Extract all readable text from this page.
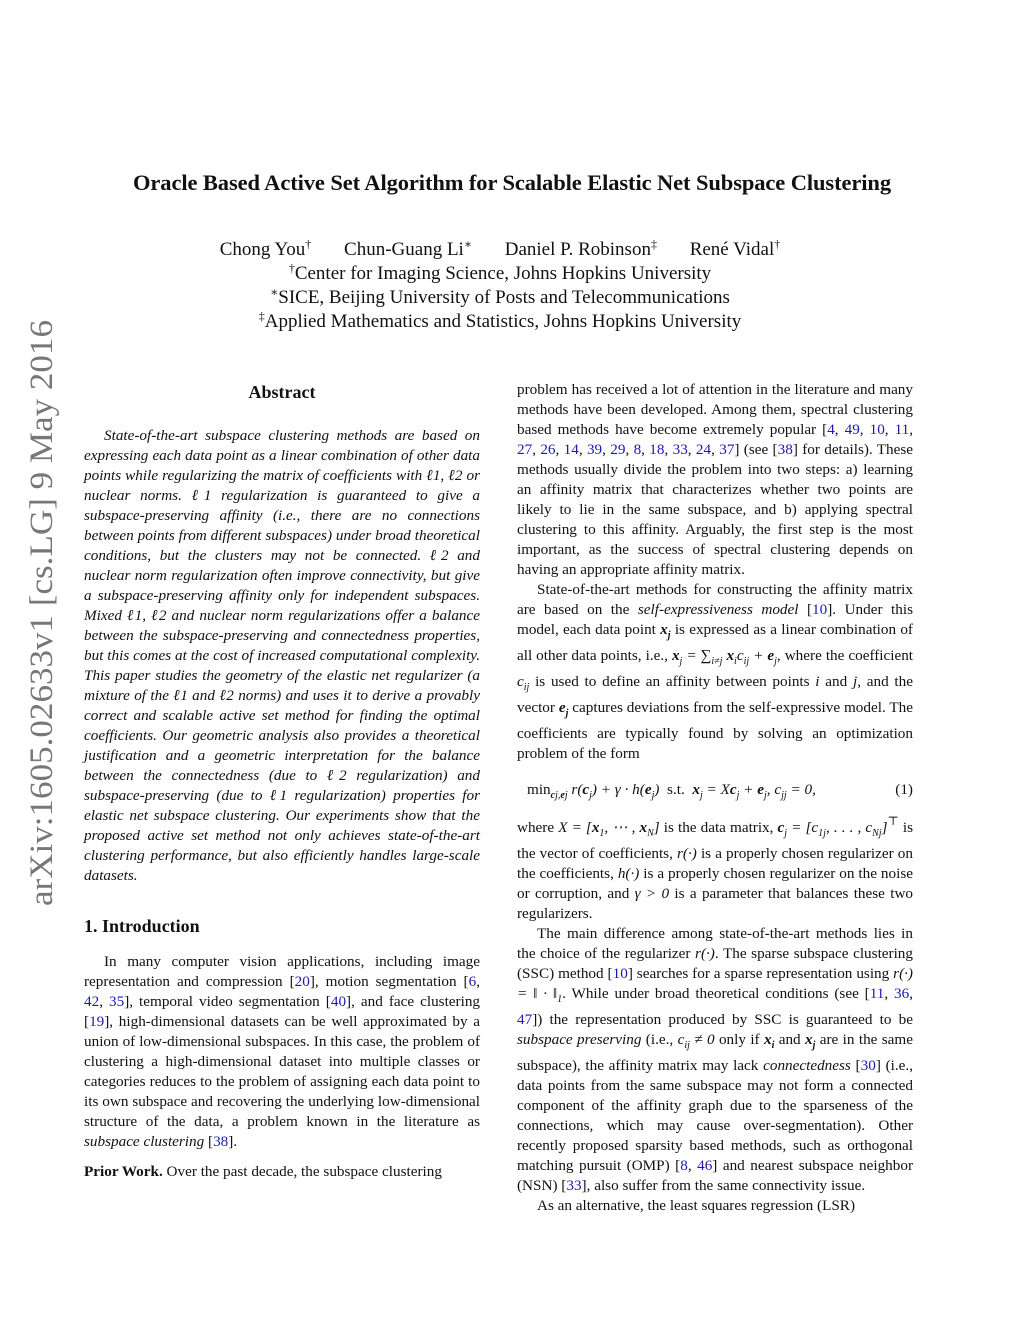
arXiv:1605.02633v1 [cs.LG] 9 May 2016
Oracle Based Active Set Algorithm for Scalable Elastic Net Subspace Clustering
Chong You† Chun-Guang Li∗ Daniel P. Robinson‡ René Vidal†
†Center for Imaging Science, Johns Hopkins University
∗SICE, Beijing University of Posts and Telecommunications
‡Applied Mathematics and Statistics, Johns Hopkins University
Abstract

State-of-the-art subspace clustering methods are based on expressing each data point as a linear combination of other data points while regularizing the matrix of coefficients with ℓ1, ℓ2 or nuclear norms. ℓ1 regularization is guaranteed to give a subspace-preserving affinity (i.e., there are no connections between points from different subspaces) under broad theoretical conditions, but the clusters may not be connected. ℓ2 and nuclear norm regularization often improve connectivity, but give a subspace-preserving affinity only for independent subspaces. Mixed ℓ1, ℓ2 and nuclear norm regularizations offer a balance between the subspace-preserving and connectedness properties, but this comes at the cost of increased computational complexity. This paper studies the geometry of the elastic net regularizer (a mixture of the ℓ1 and ℓ2 norms) and uses it to derive a provably correct and scalable active set method for finding the optimal coefficients. Our geometric analysis also provides a theoretical justification and a geometric interpretation for the balance between the connectedness (due to ℓ2 regularization) and subspace-preserving (due to ℓ1 regularization) properties for elastic net subspace clustering. Our experiments show that the proposed active set method not only achieves state-of-the-art clustering performance, but also efficiently handles large-scale datasets.

1. Introduction

In many computer vision applications, including image representation and compression [20], motion segmentation [6, 42, 35], temporal video segmentation [40], and face clustering [19], high-dimensional datasets can be well approximated by a union of low-dimensional subspaces. In this case, the problem of clustering a high-dimensional dataset into multiple classes or categories reduces to the problem of assigning each data point to its own subspace and recovering the underlying low-dimensional structure of the data, a problem known in the literature as subspace clustering [38].

Prior Work. Over the past decade, the subspace clustering

problem has received a lot of attention in the literature and many methods have been developed. Among them, spectral clustering based methods have become extremely popular [4, 49, 10, 11, 27, 26, 14, 39, 29, 8, 18, 33, 24, 37] (see [38] for details). These methods usually divide the problem into two steps: a) learning an affinity matrix that characterizes whether two points are likely to lie in the same subspace, and b) applying spectral clustering to this affinity. Arguably, the first step is the most important, as the success of spectral clustering depends on having an appropriate affinity matrix.

State-of-the-art methods for constructing the affinity matrix are based on the self-expressiveness model [10]. Under this model, each data point $x_j$ is expressed as a linear combination of all other data points, i.e., $x_j = \sum_{i\ne j}$ $x_ic_{ij} + e_j$, where the coefficient $c_{ij}$ is used to define an affinity between points i and j, and the vector $e_j$ captures deviations from the self-expressive model. The coefficients are typically found by solving an optimization problem of the form

$\min_{cj,ej} r(c_j) + \gamma \cdot h(e_j)$ s.t. $x_j = Xc_j + e_j$, $c_{jj} = 0$,	(1)

where $X = [x_1$, ⋯ , $x_N$] is the data matrix, $c_j = [c_{1j}$, . . . , $c_{Nj}]^⊤$ is the vector of coefficients, r(·) is a properly chosen regularizer on the coefficients, h(·) is a properly chosen regularizer on the noise or corruption, and γ > 0 is a parameter that balances these two regularizers.

The main difference among state-of-the-art methods lies in the choice of the regularizer r(·). The sparse subspace clustering (SSC) method [10] searches for a sparse representation using r(·) = ‖ · $‖_1$. While under broad theoretical conditions (see [11, 36, 47]) the representation produced by SSC is guaranteed to be subspace preserving (i.e., $c_{ij} \ne 0$ only if $x_i$ and $x_j$ are in the same subspace), the affinity matrix may lack connectedness [30] (i.e., data points from the same subspace may not form a connected component of the affinity graph due to the sparseness of the connections, which may cause over-segmentation). Other recently proposed sparsity based methods, such as orthogonal matching pursuit (OMP) [8, 46] and nearest subspace neighbor (NSN) [33], also suffer from the same connectivity issue.

As an alternative, the least squares regression (LSR)
